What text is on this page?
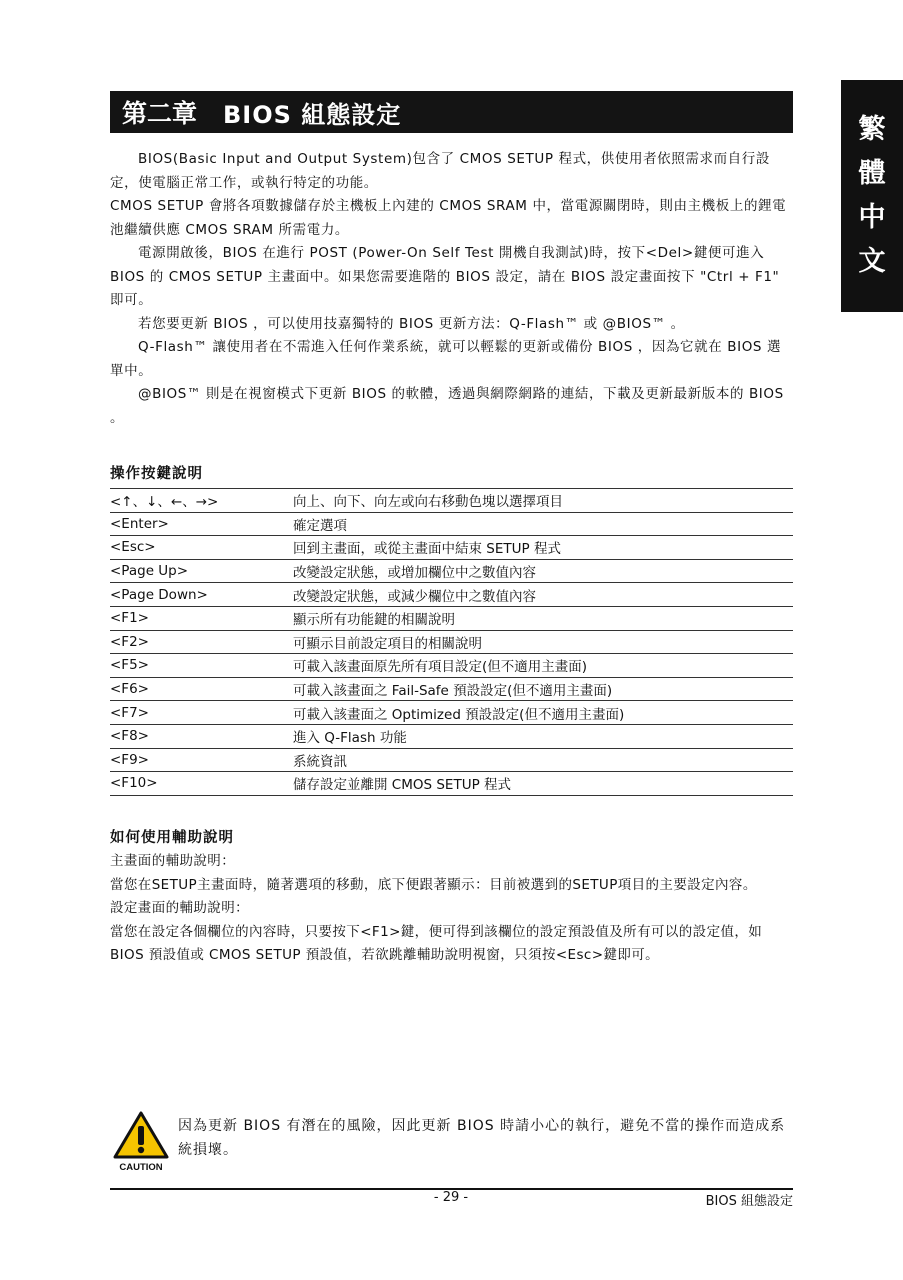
繁
體
中
文
第二章 BIOS 組態設定

BIOS(Basic Input and Output System)包含了 CMOS SETUP 程式，供使用者依照需求而自行設定，使電腦正常工作，或執行特定的功能。

CMOS SETUP 會將各項數據儲存於主機板上內建的 CMOS SRAM 中，當電源關閉時，則由主機板上的鋰電池繼續供應 CMOS SRAM 所需電力。

電源開啟後，BIOS 在進行 POST (Power-On Self Test 開機自我測試)時，按下<Del>鍵便可進入 BIOS 的 CMOS SETUP 主畫面中。如果您需要進階的 BIOS 設定，請在 BIOS 設定畫面按下 "Ctrl + F1" 即可。

若您要更新 BIOS ，可以使用技嘉獨特的 BIOS 更新方法：Q-Flash™ 或 @BIOS™ 。

Q-Flash™ 讓使用者在不需進入任何作業系統，就可以輕鬆的更新或備份 BIOS ，因為它就在 BIOS 選單中。

@BIOS™ 則是在視窗模式下更新 BIOS 的軟體，透過與網際網路的連結，下載及更新最新版本的 BIOS 。

操作按鍵說明
<↑、↓、←、→>	向上、向下、向左或向右移動色塊以選擇項目
<Enter>	確定選項
<Esc>	回到主畫面，或從主畫面中結束 SETUP 程式
<Page Up>	改變設定狀態，或增加欄位中之數值內容
<Page Down>	改變設定狀態，或減少欄位中之數值內容
<F1>	顯示所有功能鍵的相關說明
<F2>	可顯示目前設定項目的相關說明
<F5>	可載入該畫面原先所有項目設定(但不適用主畫面)
<F6>	可載入該畫面之 Fail-Safe 預設設定(但不適用主畫面)
<F7>	可載入該畫面之 Optimized 預設設定(但不適用主畫面)
<F8>	進入 Q-Flash 功能
<F9>	系統資訊
<F10>	儲存設定並離開 CMOS SETUP 程式
如何使用輔助說明

主畫面的輔助說明：

當您在SETUP主畫面時，隨著選項的移動，底下便跟著顯示：目前被選到的SETUP項目的主要設定內容。

設定畫面的輔助說明：

當您在設定各個欄位的內容時，只要按下<F1>鍵，便可得到該欄位的設定預設值及所有可以的設定值，如 BIOS 預設值或 CMOS SETUP 預設值，若欲跳離輔助說明視窗，只須按<Esc>鍵即可。

CAUTION
因為更新 BIOS 有潛在的風險，因此更新 BIOS 時請小心的執行，避免不當的操作而造成系統損壞。
- 29 -	BIOS 組態設定
